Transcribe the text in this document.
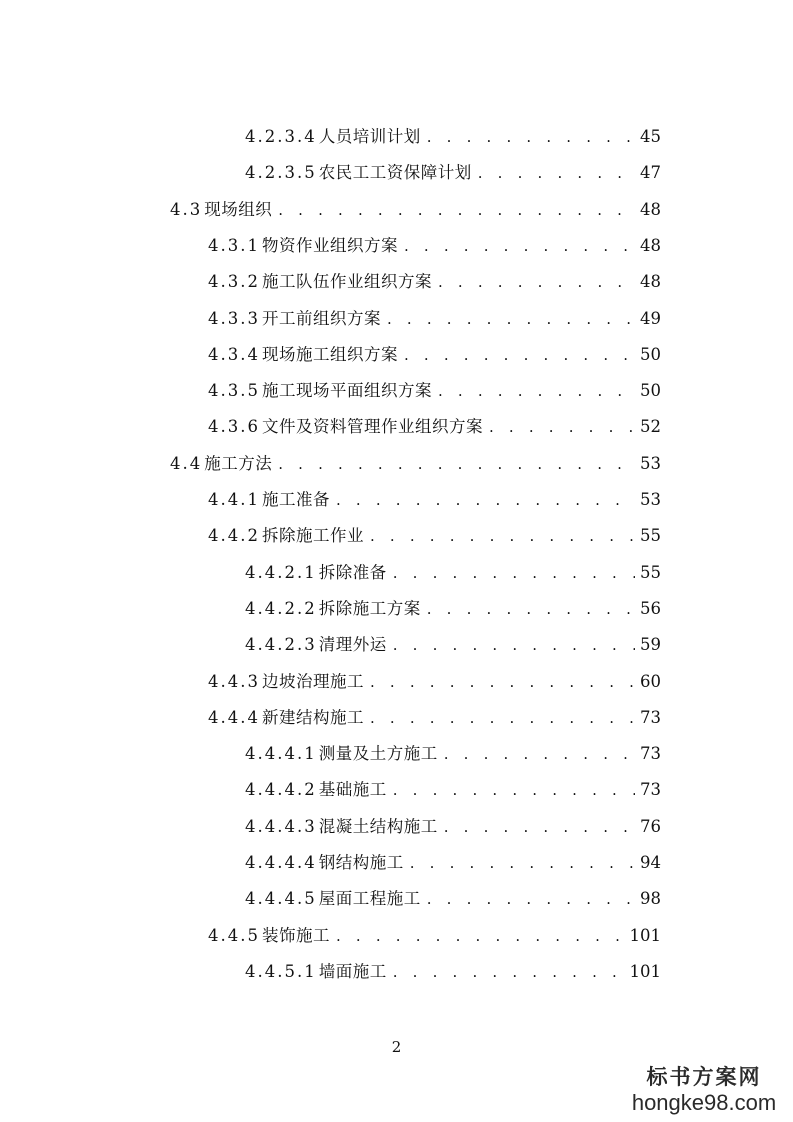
4.2.3.4 人员培训计划 . . .	45
4.2.3.5 农民工工资保障计划 . . .	47
4.3 现场组织 . . .	48
4.3.1 物资作业组织方案 . . .	48
4.3.2 施工队伍作业组织方案 . . .	48
4.3.3 开工前组织方案 . . .	49
4.3.4 现场施工组织方案 . . .	50
4.3.5 施工现场平面组织方案 . . .	50
4.3.6 文件及资料管理作业组织方案 . . .	52
4.4 施工方法 . . .	53
4.4.1 施工准备 . . .	53
4.4.2 拆除施工作业 . . .	55
4.4.2.1 拆除准备 . . .	55
4.4.2.2 拆除施工方案 . . .	56
4.4.2.3 清理外运 . . .	59
4.4.3 边坡治理施工 . . .	60
4.4.4 新建结构施工 . . .	73
4.4.4.1 测量及土方施工 . . .	73
4.4.4.2 基础施工 . . .	73
4.4.4.3 混凝土结构施工 . . .	76
4.4.4.4 钢结构施工 . . .	94
4.4.4.5 屋面工程施工 . . .	98
4.4.5 装饰施工 . . .	101
4.4.5.1 墙面施工 . . .	101
2
标书方案网
hongke98.com
